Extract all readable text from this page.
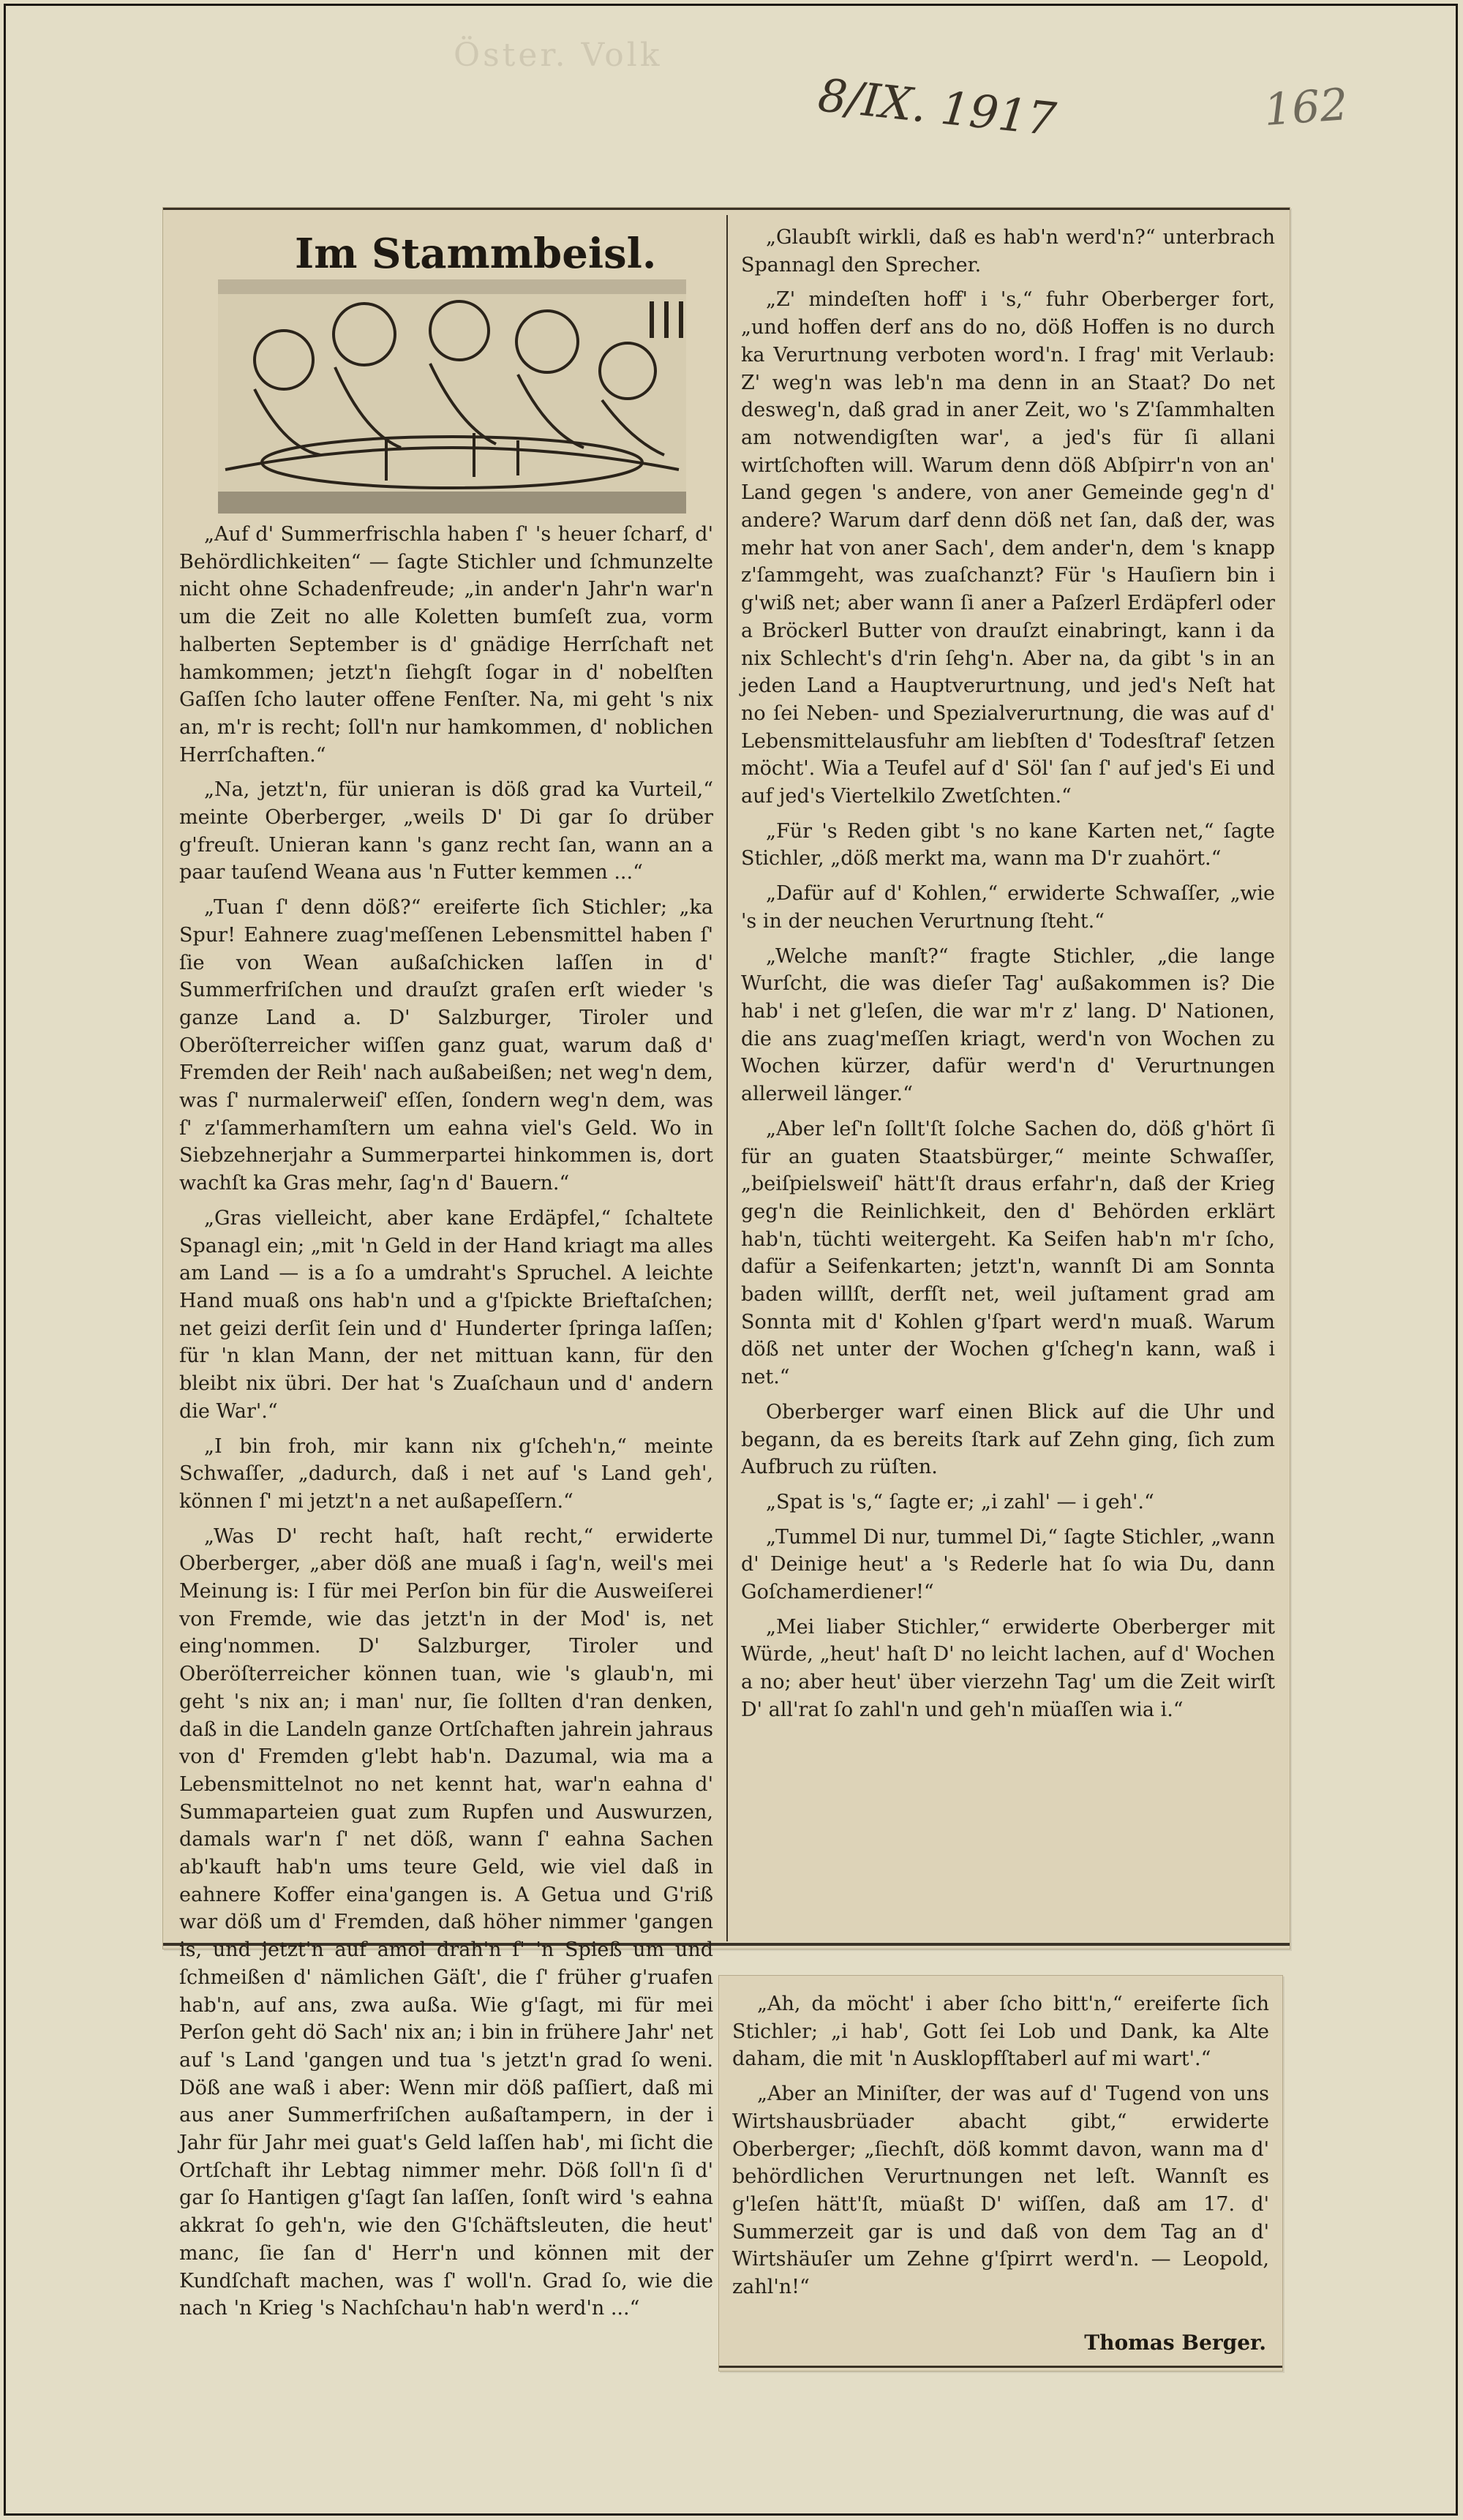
Öster. Volk
8/IX. 1917	162
Im Stammbeisl.

„Auf d' Summerfrischla haben ſ' 's heuer ſcharf, d' Behördlichkeiten“ — ſagte Stichler und ſchmunzelte nicht ohne Schadenfreude; „in ander'n Jahr'n war'n um die Zeit no alle Koletten bumſeſt zua, vorm halberten September is d' gnädige Herrſchaft net hamkommen; jetzt'n ſiehgſt ſogar in d' nobelſten Gaſſen ſcho lauter offene Fenſter. Na, mi geht 's nix an, m'r is recht; ſoll'n nur hamkommen, d' noblichen Herrſchaften.“

„Na, jetzt'n, für unieran is döß grad ka Vurteil,“ meinte Oberberger, „weils D' Di gar ſo drüber g'freuſt. Unieran kann 's ganz recht ſan, wann an a paar tauſend Weana aus 'n Futter kemmen ...“

„Tuan ſ' denn döß?“ ereiferte ſich Stichler; „ka Spur! Eahnere zuag'meſſenen Lebensmittel haben ſ' ſie von Wean außaſchicken laſſen in d' Summerfriſchen und drauſzt graſen erſt wieder 's ganze Land a. D' Salzburger, Tiroler und Oberöſterreicher wiſſen ganz guat, warum daß d' Fremden der Reih' nach außabeißen; net weg'n dem, was ſ' nurmalerweiſ' eſſen, ſondern weg'n dem, was ſ' z'ſammerhamſtern um eahna viel's Geld. Wo in Siebzehnerjahr a Summerpartei hinkommen is, dort wachſt ka Gras mehr, ſag'n d' Bauern.“

„Gras vielleicht, aber kane Erdäpfel,“ ſchaltete Spanagl ein; „mit 'n Geld in der Hand kriagt ma alles am Land — is a ſo a umdraht's Spruchel. A leichte Hand muaß ons hab'n und a g'ſpickte Brieftaſchen; net geizi derſit ſein und d' Hunderter ſpringa laſſen; für 'n klan Mann, der net mittuan kann, für den bleibt nix übri. Der hat 's Zuaſchaun und d' andern die War'.“

„I bin froh, mir kann nix g'ſcheh'n,“ meinte Schwaſſer, „dadurch, daß i net auf 's Land geh', können ſ' mi jetzt'n a net außapeſſern.“

„Was D' recht haſt, haſt recht,“ erwiderte Oberberger, „aber döß ane muaß i ſag'n, weil's mei Meinung is: I für mei Perſon bin für die Ausweiſerei von Fremde, wie das jetzt'n in der Mod' is, net eing'nommen. D' Salzburger, Tiroler und Oberöſterreicher können tuan, wie 's glaub'n, mi geht 's nix an; i man' nur, ſie ſollten d'ran denken, daß in die Landeln ganze Ortſchaften jahrein jahraus von d' Fremden g'lebt hab'n. Dazumal, wia ma a Lebensmittelnot no net kennt hat, war'n eahna d' Summaparteien guat zum Rupfen und Auswurzen, damals war'n ſ' net döß, wann ſ' eahna Sachen ab'kauft hab'n ums teure Geld, wie viel daß in eahnere Koffer eina'gangen is. A Getua und G'riß war döß um d' Fremden, daß höher nimmer 'gangen is, und jetzt'n auf amol drah'n ſ' 'n Spieß um und ſchmeißen d' nämlichen Gäſt', die ſ' früher g'ruafen hab'n, auf ans, zwa außa. Wie g'ſagt, mi für mei Perſon geht dö Sach' nix an; i bin in frühere Jahr' net auf 's Land 'gangen und tua 's jetzt'n grad ſo weni. Döß ane waß i aber: Wenn mir döß paſſiert, daß mi aus aner Summerfriſchen außaſtampern, in der i Jahr für Jahr mei guat's Geld laſſen hab', mi ſicht die Ortſchaft ihr Lebtag nimmer mehr. Döß ſoll'n ſi d' gar ſo Hantigen g'ſagt ſan laſſen, ſonſt wird 's eahna akkrat ſo geh'n, wie den G'ſchäftsleuten, die heut' manc, ſie ſan d' Herr'n und können mit der Kundſchaft machen, was ſ' woll'n. Grad ſo, wie die nach 'n Krieg 's Nachſchau'n hab'n werd'n ...“

„Glaubſt wirkli, daß es hab'n werd'n?“ unterbrach Spannagl den Sprecher.

„Z' mindeſten hoff' i 's,“ fuhr Oberberger fort, „und hoffen derf ans do no, döß Hoffen is no durch ka Verurtnung verboten word'n. I frag' mit Verlaub: Z' weg'n was leb'n ma denn in an Staat? Do net desweg'n, daß grad in aner Zeit, wo 's Z'ſammhalten am notwendigſten war', a jed's für ſi allani wirtſchoften will. Warum denn döß Abſpirr'n von an' Land gegen 's andere, von aner Gemeinde geg'n d' andere? Warum darf denn döß net ſan, daß der, was mehr hat von aner Sach', dem ander'n, dem 's knapp z'ſammgeht, was zuaſchanzt? Für 's Hauſiern bin i g'wiß net; aber wann ſi aner a Paſzerl Erdäpferl oder a Bröckerl Butter von drauſzt einabringt, kann i da nix Schlecht's d'rin ſehg'n. Aber na, da gibt 's in an jeden Land a Hauptverurtnung, und jed's Neſt hat no ſei Neben- und Spezialverurtnung, die was auf d' Lebensmittelausfuhr am liebſten d' Todesſtraf' ſetzen möcht'. Wia a Teufel auf d' Söl' ſan ſ' auf jed's Ei und auf jed's Viertelkilo Zwetſchten.“

„Für 's Reden gibt 's no kane Karten net,“ ſagte Stichler, „döß merkt ma, wann ma D'r zuahört.“

„Dafür auf d' Kohlen,“ erwiderte Schwaſſer, „wie 's in der neuchen Verurtnung ſteht.“

„Welche manſt?“ fragte Stichler, „die lange Wurſcht, die was dieſer Tag' außakommen is? Die hab' i net g'leſen, die war m'r z' lang. D' Nationen, die ans zuag'meſſen kriagt, werd'n von Wochen zu Wochen kürzer, dafür werd'n d' Verurtnungen allerweil länger.“

„Aber leſ'n ſollt'ſt ſolche Sachen do, döß g'hört ſi für an guaten Staatsbürger,“ meinte Schwaſſer, „beiſpielsweiſ' hätt'ſt draus erfahr'n, daß der Krieg geg'n die Reinlichkeit, den d' Behörden erklärt hab'n, tüchti weitergeht. Ka Seifen hab'n m'r ſcho, dafür a Seifenkarten; jetzt'n, wannſt Di am Sonnta baden willſt, derfſt net, weil juſtament grad am Sonnta mit d' Kohlen g'ſpart werd'n muaß. Warum döß net unter der Wochen g'ſcheg'n kann, waß i net.“

Oberberger warf einen Blick auf die Uhr und begann, da es bereits ſtark auf Zehn ging, ſich zum Aufbruch zu rüſten.

„Spat is 's,“ ſagte er; „i zahl' — i geh'.“

„Tummel Di nur, tummel Di,“ ſagte Stichler, „wann d' Deinige heut' a 's Rederle hat ſo wia Du, dann Goſchamerdiener!“

„Mei liaber Stichler,“ erwiderte Oberberger mit Würde, „heut' haſt D' no leicht lachen, auf d' Wochen a no; aber heut' über vierzehn Tag' um die Zeit wirſt D' all'rat ſo zahl'n und geh'n müaſſen wia i.“

„Ah, da möcht' i aber ſcho bitt'n,“ ereiferte ſich Stichler; „i hab', Gott ſei Lob und Dank, ka Alte daham, die mit 'n Ausklopfſtaberl auf mi wart'.“

„Aber an Miniſter, der was auf d' Tugend von uns Wirtshausbrüader abacht gibt,“ erwiderte Oberberger; „ſiechſt, döß kommt davon, wann ma d' behördlichen Verurtnungen net leſt. Wannſt es g'leſen hätt'ſt, müaßt D' wiſſen, daß am 17. d' Summerzeit gar is und daß von dem Tag an d' Wirtshäuſer um Zehne g'ſpirrt werd'n. — Leopold, zahl'n!“

Thomas Berger.
